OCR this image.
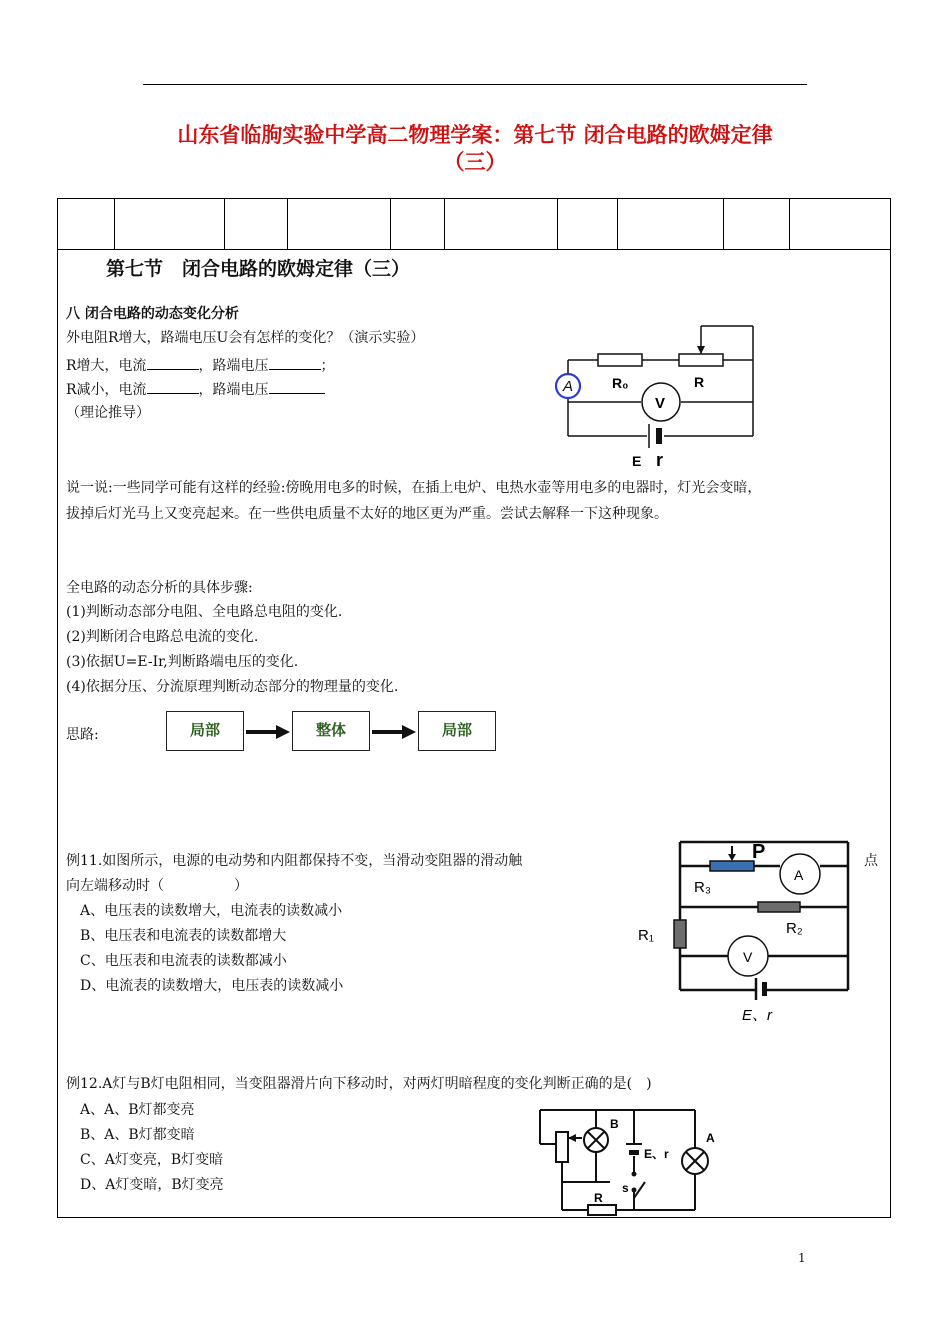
山东省临朐实验中学高二物理学案：第七节 闭合电路的欧姆定律
（三）
第七节　闭合电路的欧姆定律（三）
八 闭合电路的动态变化分析
外电阻R增大，路端电压U会有怎样的变化？（演示实验）
R增大，电流	，路端电压	；
R减小，电流	，路端电压
（理论推导）
A
V
R₀	R
E r
说一说:一些同学可能有这样的经验:傍晚用电多的时候，在插上电炉、电热水壶等用电多的电器时，灯光会变暗，
拔掉后灯光马上又变亮起来。在一些供电质量不太好的地区更为严重。尝试去解释一下这种现象。
全电路的动态分析的具体步骤:
(1)判断动态部分电阻、全电路总电阻的变化.
(2)判断闭合电路总电流的变化.
(3)依据U=E-Ir,判断路端电压的变化.
(4)依据分压、分流原理判断动态部分的物理量的变化.
思路:	局部	整体	局部
例11.如图所示，电源的电动势和内阻都保持不变，当滑动变阻器的滑动触	点
向左端移动时（　　　　　）
A、电压表的读数增大，电流表的读数减小
B、电压表和电流表的读数都增大
C、电压表和电流表的读数都减小
D、电流表的读数增大，电压表的读数减小
P
A
R₃
R₂
R₁
V
E、r
例12.A灯与B灯电阻相同，当变阻器滑片向下移动时，对两灯明暗程度的变化判断正确的是(　)
A、A、B灯都变亮
B、A、B灯都变暗
C、A灯变亮，B灯变暗
D、A灯变暗，B灯变亮
B
A
E、r
s
R
1
